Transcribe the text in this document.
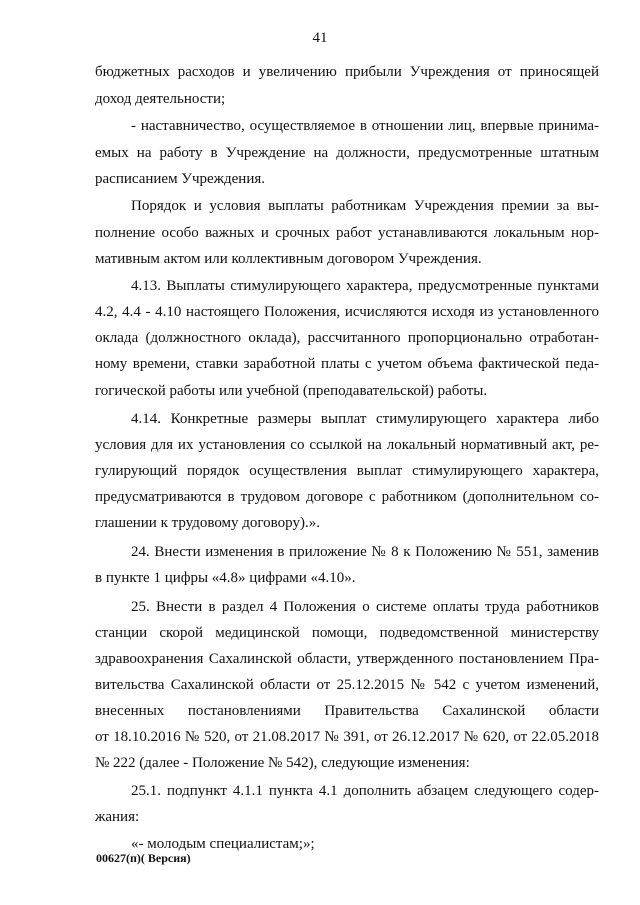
41
бюджетных расходов и увеличению прибыли Учреждения от приносящей
доход деятельности;
- наставничество, осуществляемое в отношении лиц, впервые принима-
емых на работу в Учреждение на должности, предусмотренные штатным
расписанием Учреждения.
Порядок и условия выплаты работникам Учреждения премии за вы-
полнение особо важных и срочных работ устанавливаются локальным нор-
мативным актом или коллективным договором Учреждения.
4.13. Выплаты стимулирующего характера, предусмотренные пунктами
4.2, 4.4 - 4.10 настоящего Положения, исчисляются исходя из установленного
оклада (должностного оклада), рассчитанного пропорционально отработан-
ному времени, ставки заработной платы с учетом объема фактической педа-
гогической работы или учебной (преподавательской) работы.
4.14. Конкретные размеры выплат стимулирующего характера либо
условия для их установления со ссылкой на локальный нормативный акт, ре-
гулирующий порядок осуществления выплат стимулирующего характера,
предусматриваются в трудовом договоре с работником (дополнительном со-
глашении к трудовому договору).».
24. Внести изменения в приложение № 8 к Положению № 551, заменив
в пункте 1 цифры «4.8» цифрами «4.10».
25. Внести в раздел 4 Положения о системе оплаты труда работников
станции скорой медицинской помощи, подведомственной министерству
здравоохранения Сахалинской области, утвержденного постановлением Пра-
вительства Сахалинской области от 25.12.2015 № 542 с учетом изменений,
внесенных постановлениями Правительства Сахалинской области
от 18.10.2016 № 520, от 21.08.2017 № 391, от 26.12.2017 № 620, от 22.05.2018
№ 222 (далее - Положение № 542), следующие изменения:
25.1. подпункт 4.1.1 пункта 4.1 дополнить абзацем следующего содер-
жания:
«- молодым специалистам;»;
00627(п)( Версия)
